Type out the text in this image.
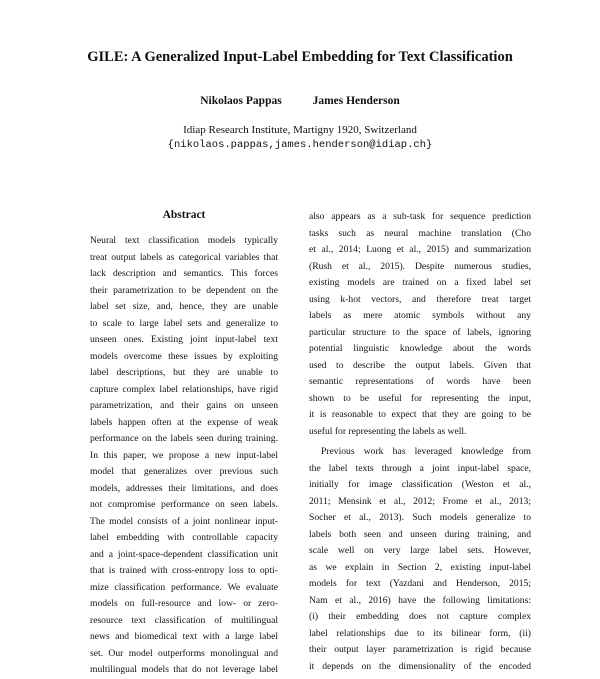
GILE: A Generalized Input-Label Embedding for Text Classification
Nikolaos Pappas	James Henderson
Idiap Research Institute, Martigny 1920, Switzerland
{nikolaos.pappas,james.henderson@idiap.ch}
Abstract
Neural text classification models typically
treat output labels as categorical variables that
lack description and semantics. This forces
their parametrization to be dependent on the
label set size, and, hence, they are unable
to scale to large label sets and generalize to
unseen ones. Existing joint input-label text
models overcome these issues by exploiting
label descriptions, but they are unable to
capture complex label relationships, have rigid
parametrization, and their gains on unseen
labels happen often at the expense of weak
performance on the labels seen during training.
In this paper, we propose a new input-label
model that generalizes over previous such
models, addresses their limitations, and does
not compromise performance on seen labels.
The model consists of a joint nonlinear input-
label embedding with controllable capacity
and a joint-space-dependent classification unit
that is trained with cross-entropy loss to opti-
mize classification performance. We evaluate
models on full-resource and low- or zero-
resource text classification of multilingual
news and biomedical text with a large label
set. Our model outperforms monolingual and
multilingual models that do not leverage label
also appears as a sub-task for sequence prediction
tasks such as neural machine translation (Cho
et al., 2014; Luong et al., 2015) and summarization
(Rush et al., 2015). Despite numerous studies,
existing models are trained on a fixed label set
using k-hot vectors, and therefore treat target
labels as mere atomic symbols without any
particular structure to the space of labels, ignoring
potential linguistic knowledge about the words
used to describe the output labels. Given that
semantic representations of words have been
shown to be useful for representing the input,
it is reasonable to expect that they are going to be
useful for representing the labels as well.
Previous work has leveraged knowledge from
the label texts through a joint input-label space,
initially for image classification (Weston et al.,
2011; Mensink et al., 2012; Frome et al., 2013;
Socher et al., 2013). Such models generalize to
labels both seen and unseen during training, and
scale well on very large label sets. However,
as we explain in Section 2, existing input-label
models for text (Yazdani and Henderson, 2015;
Nam et al., 2016) have the following limitations:
(i) their embedding does not capture complex
label relationships due to its bilinear form, (ii)
their output layer parametrization is rigid because
it depends on the dimensionality of the encoded
